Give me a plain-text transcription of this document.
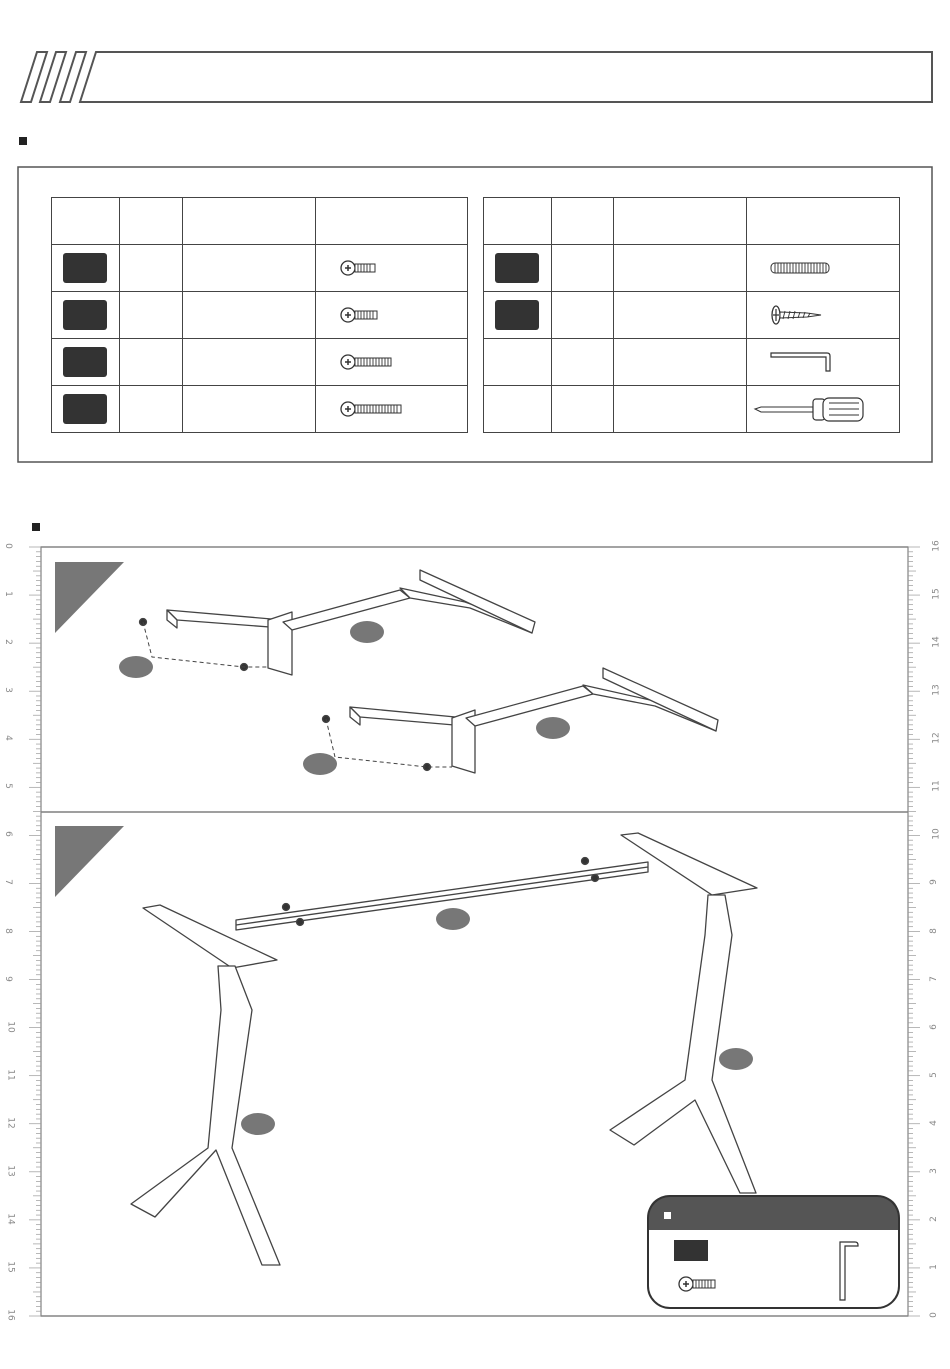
0
1
2
3
4
5
6
7
8
9
10
11
12
13
14
15
16
16
15
14
13
12
11
10
9
8
7
6
5
4
3
2
1
0
